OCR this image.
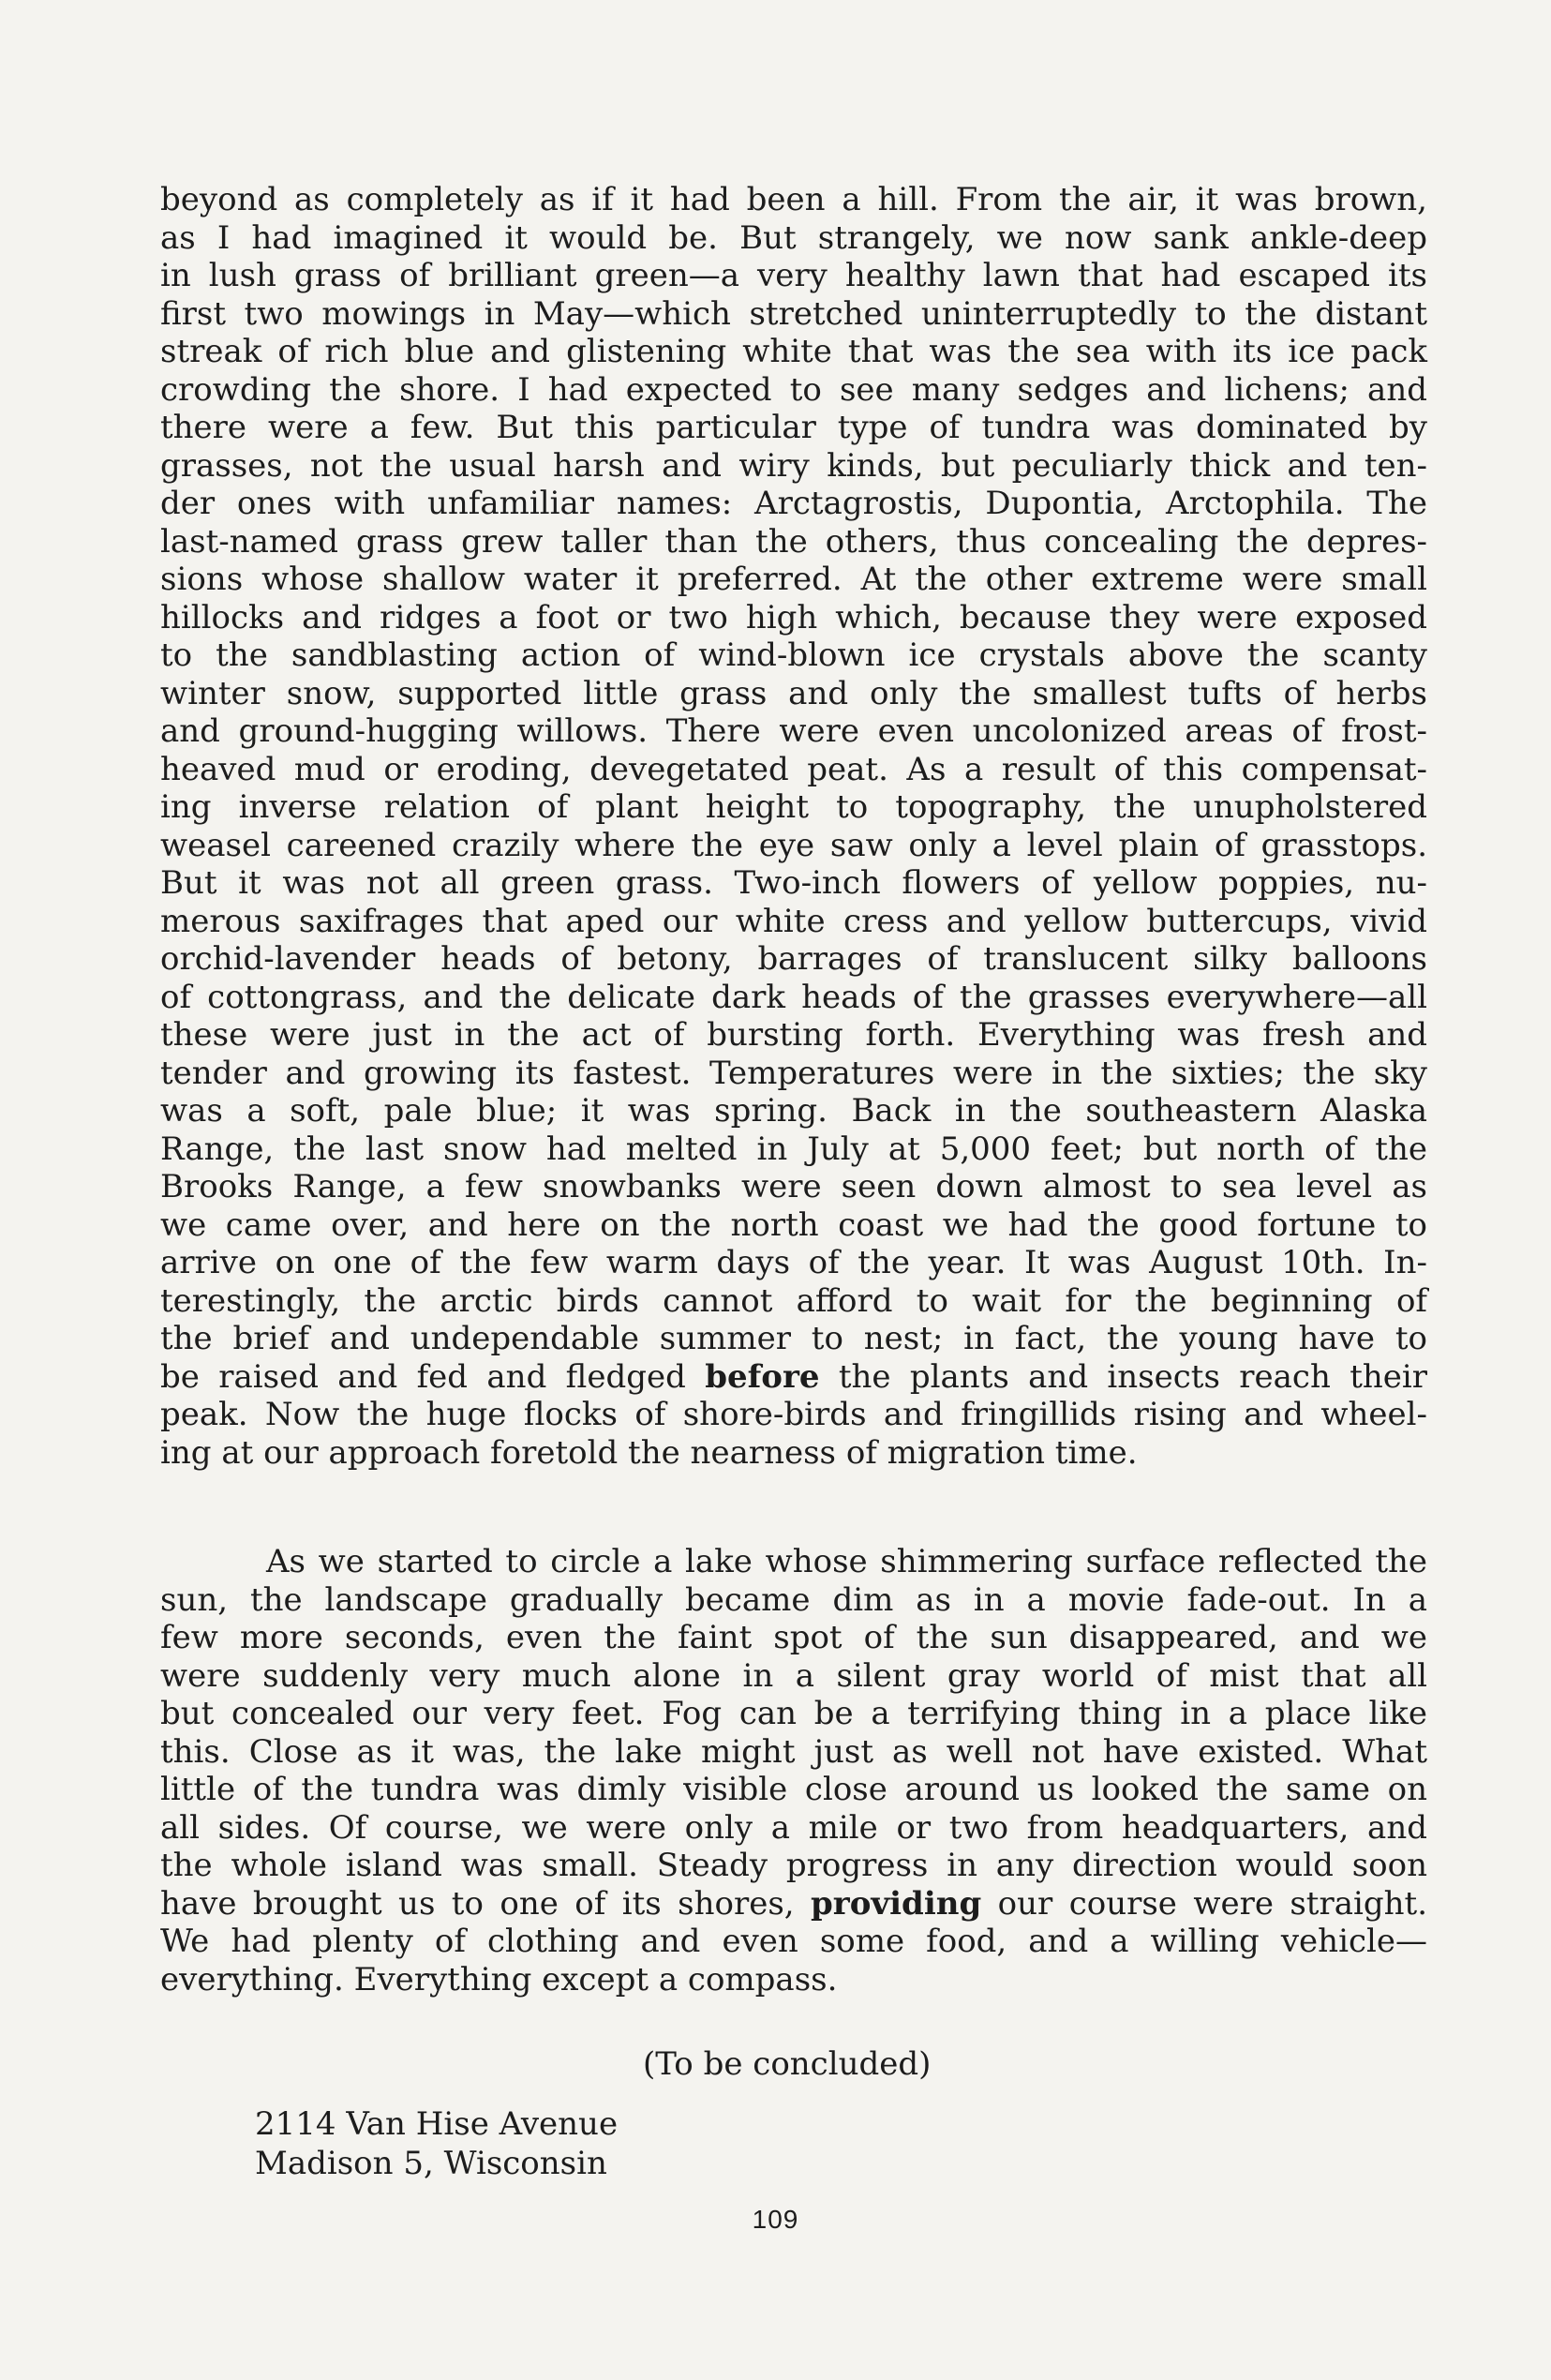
beyond as completely as if it had been a hill. From the air, it was brown,
as I had imagined it would be. But strangely, we now sank ankle-deep
in lush grass of brilliant green—a very healthy lawn that had escaped its
first two mowings in May—which stretched uninterruptedly to the distant
streak of rich blue and glistening white that was the sea with its ice pack
crowding the shore. I had expected to see many sedges and lichens; and
there were a few. But this particular type of tundra was dominated by
grasses, not the usual harsh and wiry kinds, but peculiarly thick and ten-
der ones with unfamiliar names: Arctagrostis, Dupontia, Arctophila. The
last-named grass grew taller than the others, thus concealing the depres-
sions whose shallow water it preferred. At the other extreme were small
hillocks and ridges a foot or two high which, because they were exposed
to the sandblasting action of wind-blown ice crystals above the scanty
winter snow, supported little grass and only the smallest tufts of herbs
and ground-hugging willows. There were even uncolonized areas of frost-
heaved mud or eroding, devegetated peat. As a result of this compensat-
ing inverse relation of plant height to topography, the unupholstered
weasel careened crazily where the eye saw only a level plain of grasstops.
But it was not all green grass. Two-inch flowers of yellow poppies, nu-
merous saxifrages that aped our white cress and yellow buttercups, vivid
orchid-lavender heads of betony, barrages of translucent silky balloons
of cottongrass, and the delicate dark heads of the grasses everywhere—all
these were just in the act of bursting forth. Everything was fresh and
tender and growing its fastest. Temperatures were in the sixties; the sky
was a soft, pale blue; it was spring. Back in the southeastern Alaska
Range, the last snow had melted in July at 5,000 feet; but north of the
Brooks Range, a few snowbanks were seen down almost to sea level as
we came over, and here on the north coast we had the good fortune to
arrive on one of the few warm days of the year. It was August 10th. In-
terestingly, the arctic birds cannot afford to wait for the beginning of
the brief and undependable summer to nest; in fact, the young have to
be raised and fed and fledged before the plants and insects reach their
peak. Now the huge flocks of shore-birds and fringillids rising and wheel-
ing at our approach foretold the nearness of migration time.
As we started to circle a lake whose shimmering surface reflected the
sun, the landscape gradually became dim as in a movie fade-out. In a
few more seconds, even the faint spot of the sun disappeared, and we
were suddenly very much alone in a silent gray world of mist that all
but concealed our very feet. Fog can be a terrifying thing in a place like
this. Close as it was, the lake might just as well not have existed. What
little of the tundra was dimly visible close around us looked the same on
all sides. Of course, we were only a mile or two from headquarters, and
the whole island was small. Steady progress in any direction would soon
have brought us to one of its shores, providing our course were straight.
We had plenty of clothing and even some food, and a willing vehicle—
everything. Everything except a compass.
(To be concluded)
2114 Van Hise Avenue
Madison 5, Wisconsin
109
